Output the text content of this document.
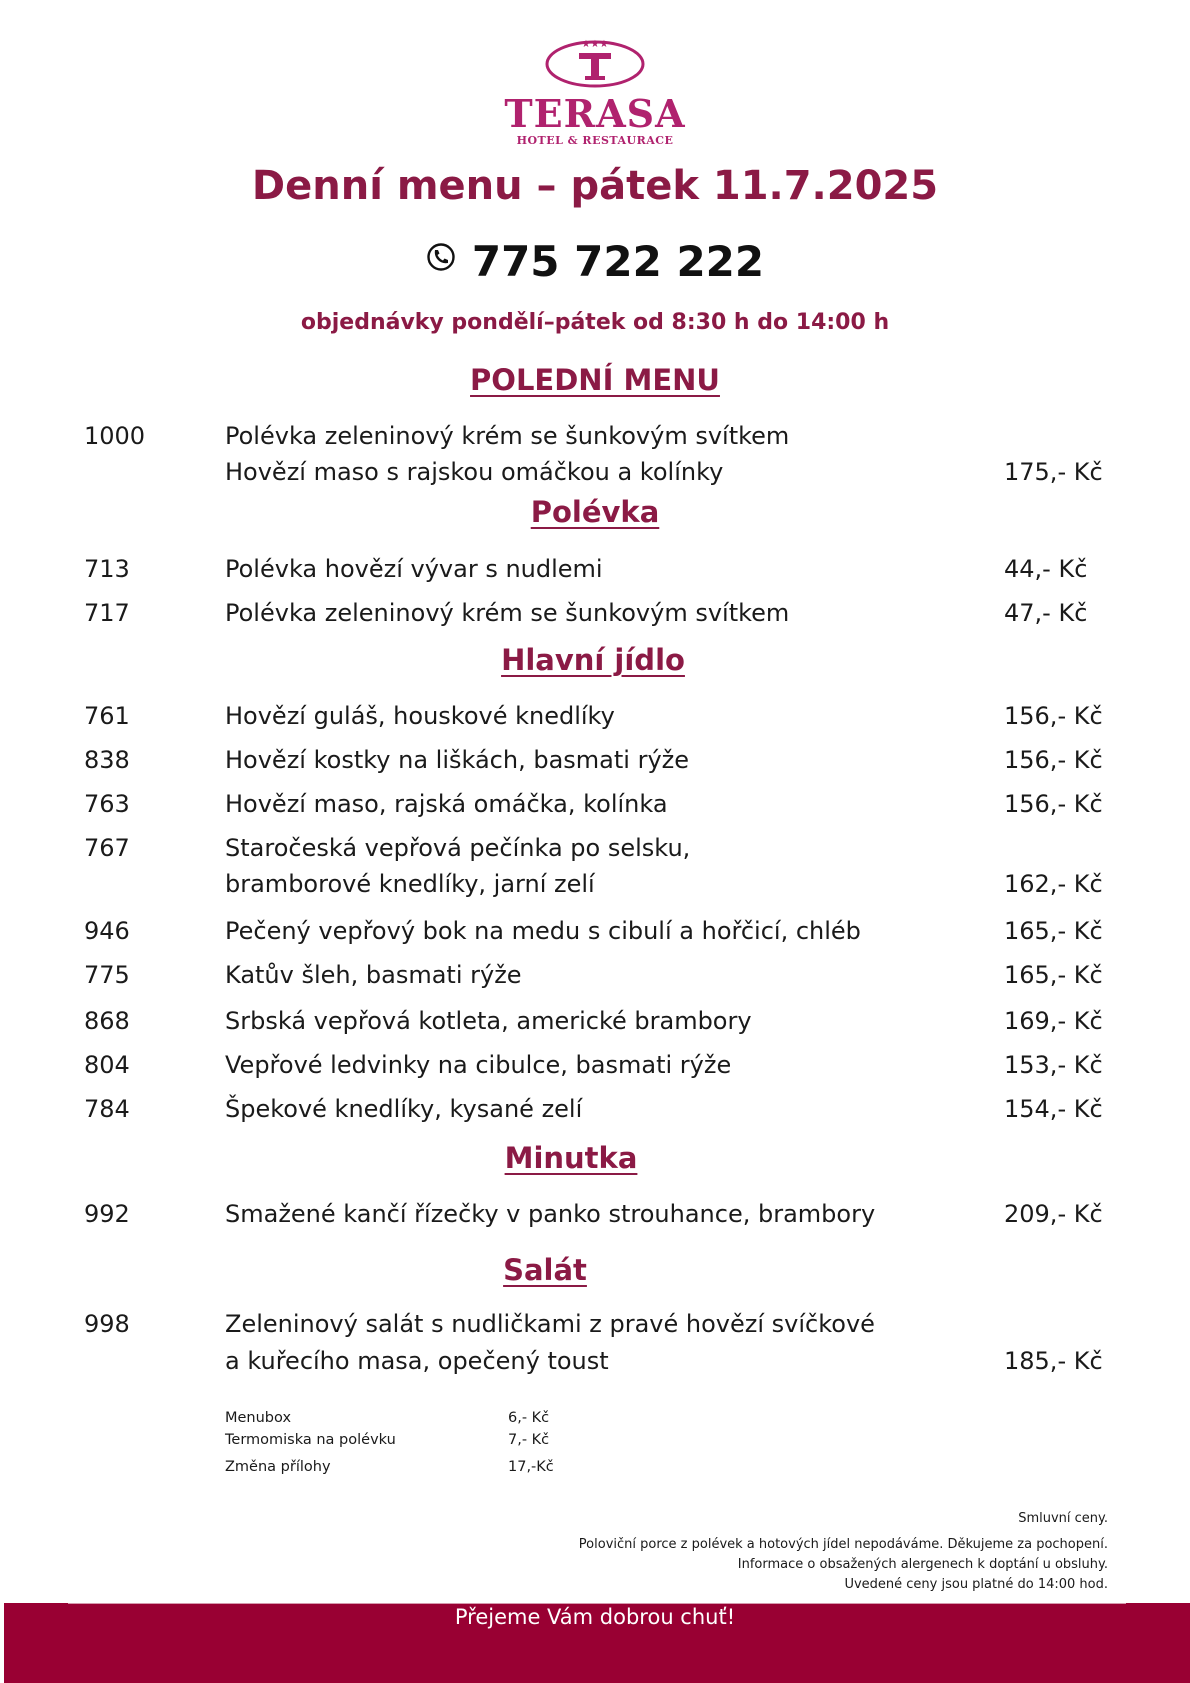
★★★
TERASA
HOTEL & RESTAURACE
Denní menu – pátek 11.7.2025
775 722 222
objednávky pondělí–pátek od 8:30 h do 14:00 h
POLEDNÍ MENU
1000	Polévka zeleninový krém se šunkovým svítkem
Hovězí maso s rajskou omáčkou a kolínky	175,- Kč
Polévka
713	Polévka hovězí vývar s nudlemi	44,- Kč
717	Polévka zeleninový krém se šunkovým svítkem	47,- Kč
Hlavní jídlo
761	Hovězí guláš, houskové knedlíky	156,- Kč
838	Hovězí kostky na liškách, basmati rýže	156,- Kč
763	Hovězí maso, rajská omáčka, kolínka	156,- Kč
767	Staročeská vepřová pečínka po selsku,
bramborové knedlíky, jarní zelí	162,- Kč
946	Pečený vepřový bok na medu s cibulí a hořčicí, chléb	165,- Kč
775	Katův šleh, basmati rýže	165,- Kč
868	Srbská vepřová kotleta, americké brambory	169,- Kč
804	Vepřové ledvinky na cibulce, basmati rýže	153,- Kč
784	Špekové knedlíky, kysané zelí	154,- Kč
Minutka
992	Smažené kančí řízečky v panko strouhance, brambory	209,- Kč
Salát
998	Zeleninový salát s nudličkami z pravé hovězí svíčkové
a kuřecího masa, opečený toust	185,- Kč
Menubox	6,- Kč
Termomiska na polévku	7,- Kč
Změna přílohy	17,-Kč
Smluvní ceny.
Poloviční porce z polévek a hotových jídel nepodáváme. Děkujeme za pochopení.
Informace o obsažených alergenech k doptání u obsluhy.
Uvedené ceny jsou platné do 14:00 hod.
Přejeme Vám dobrou chuť!
